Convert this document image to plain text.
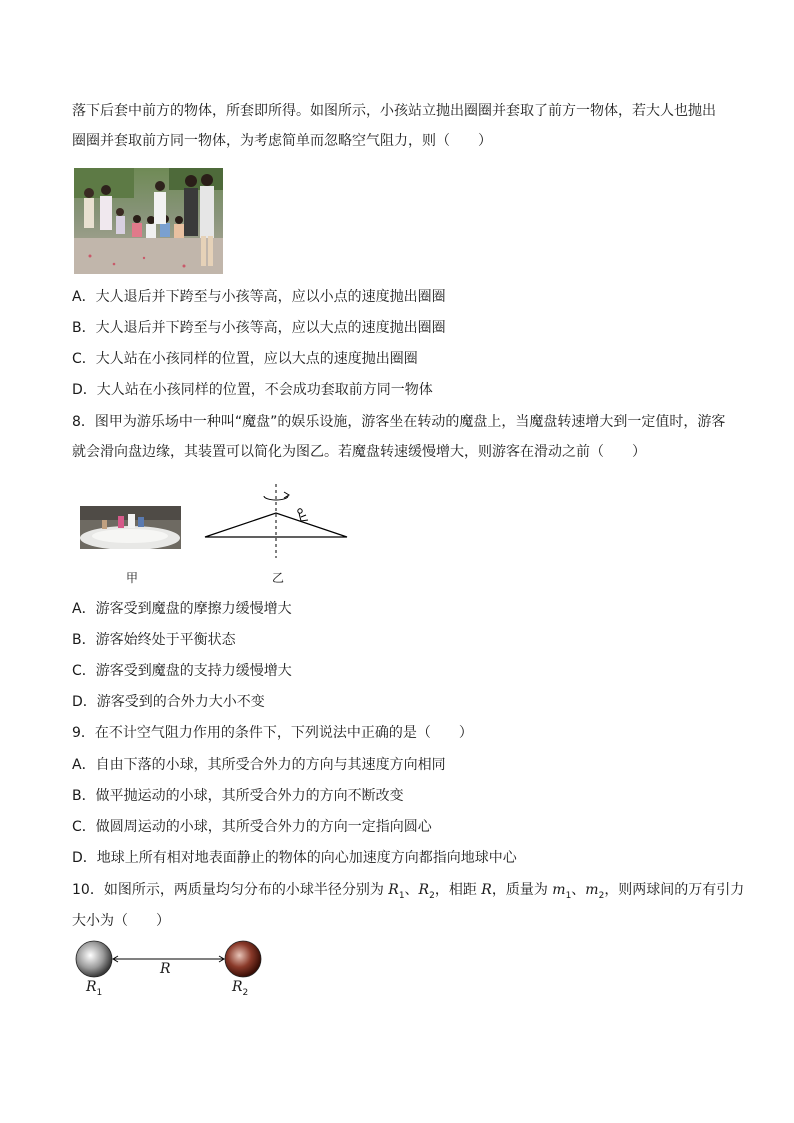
落下后套中前方的物体，所套即所得。如图所示，小孩站立抛出圈圈并套取了前方一物体，若大人也抛出
圈圈并套取前方同一物体，为考虑简单而忽略空气阻力，则（　　）
A．大人退后并下跨至与小孩等高，应以小点的速度抛出圈圈
B．大人退后并下跨至与小孩等高，应以大点的速度抛出圈圈
C．大人站在小孩同样的位置，应以大点的速度抛出圈圈
D．大人站在小孩同样的位置，不会成功套取前方同一物体
8．图甲为游乐场中一种叫“魔盘”的娱乐设施，游客坐在转动的魔盘上，当魔盘转速增大到一定值时，游客
就会滑向盘边缘，其装置可以简化为图乙。若魔盘转速缓慢增大，则游客在滑动之前（　　）
甲	乙
A．游客受到魔盘的摩擦力缓慢增大
B．游客始终处于平衡状态
C．游客受到魔盘的支持力缓慢增大
D．游客受到的合外力大小不变
9．在不计空气阻力作用的条件下，下列说法中正确的是（　　）
A．自由下落的小球，其所受合外力的方向与其速度方向相同
B．做平抛运动的小球，其所受合外力的方向不断改变
C．做圆周运动的小球，其所受合外力的方向一定指向圆心
D．地球上所有相对地表面静止的物体的向心加速度方向都指向地球中心
10．如图所示，两质量均匀分布的小球半径分别为 $R_1$、$R_2$，相距 R，质量为 $m_1$、$m_2$，则两球间的万有引力
大小为（　　）
R
$R_1$	$R_2$
